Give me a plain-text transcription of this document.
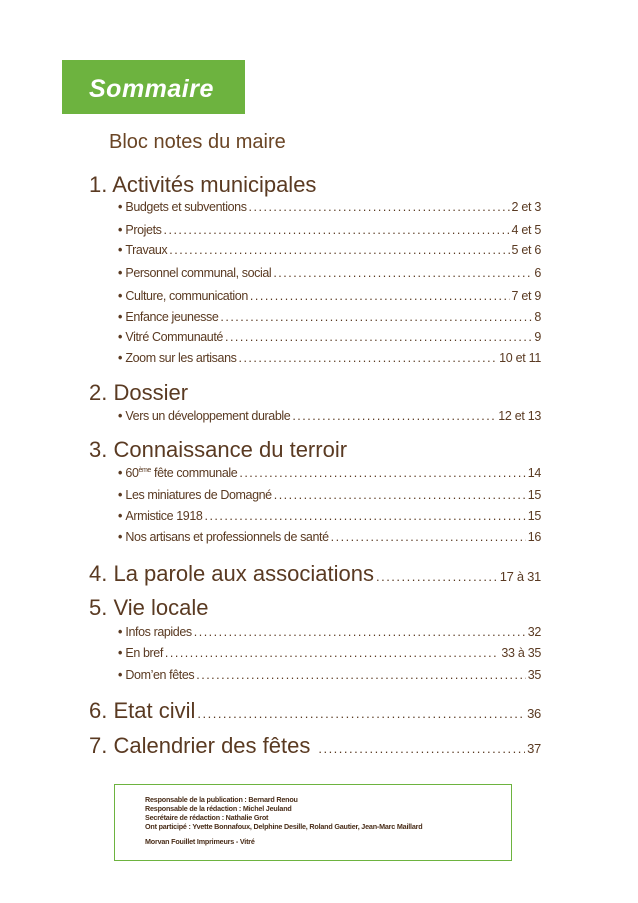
Sommaire
Bloc notes du maire
1. Activités municipales
• Budgets et subventions .....	2 et 3
• Projets .....	4 et 5
• Travaux .....	5 et 6
• Personnel communal, social .....	6
• Culture, communication .....	7 et 9
• Enfance jeunesse .....	8
• Vitré Communauté .....	9
• Zoom sur les artisans .....	10 et 11
2. Dossier
• Vers un développement durable .....	12 et 13
3. Connaissance du terroir
• 60ème fête communale .....	14
• Les miniatures de Domagné .....	15
• Armistice 1918 .....	15
• Nos artisans et professionnels de santé .....	16
4. La parole aux associations .....	17 à 31
5. Vie locale
• Infos rapides .....	32
• En bref .....	33 à 35
• Dom’en fêtes .....	35
6. Etat civil .....	36
7. Calendrier des fêtes .....	37
Responsable de la publication : Bernard Renou
Responsable de la rédaction : Michel Jeuland
Secrétaire de rédaction : Nathalie Grot
Ont participé : Yvette Bonnafoux, Delphine Desille, Roland Gautier, Jean-Marc Maillard
Morvan Fouillet Imprimeurs - Vitré
